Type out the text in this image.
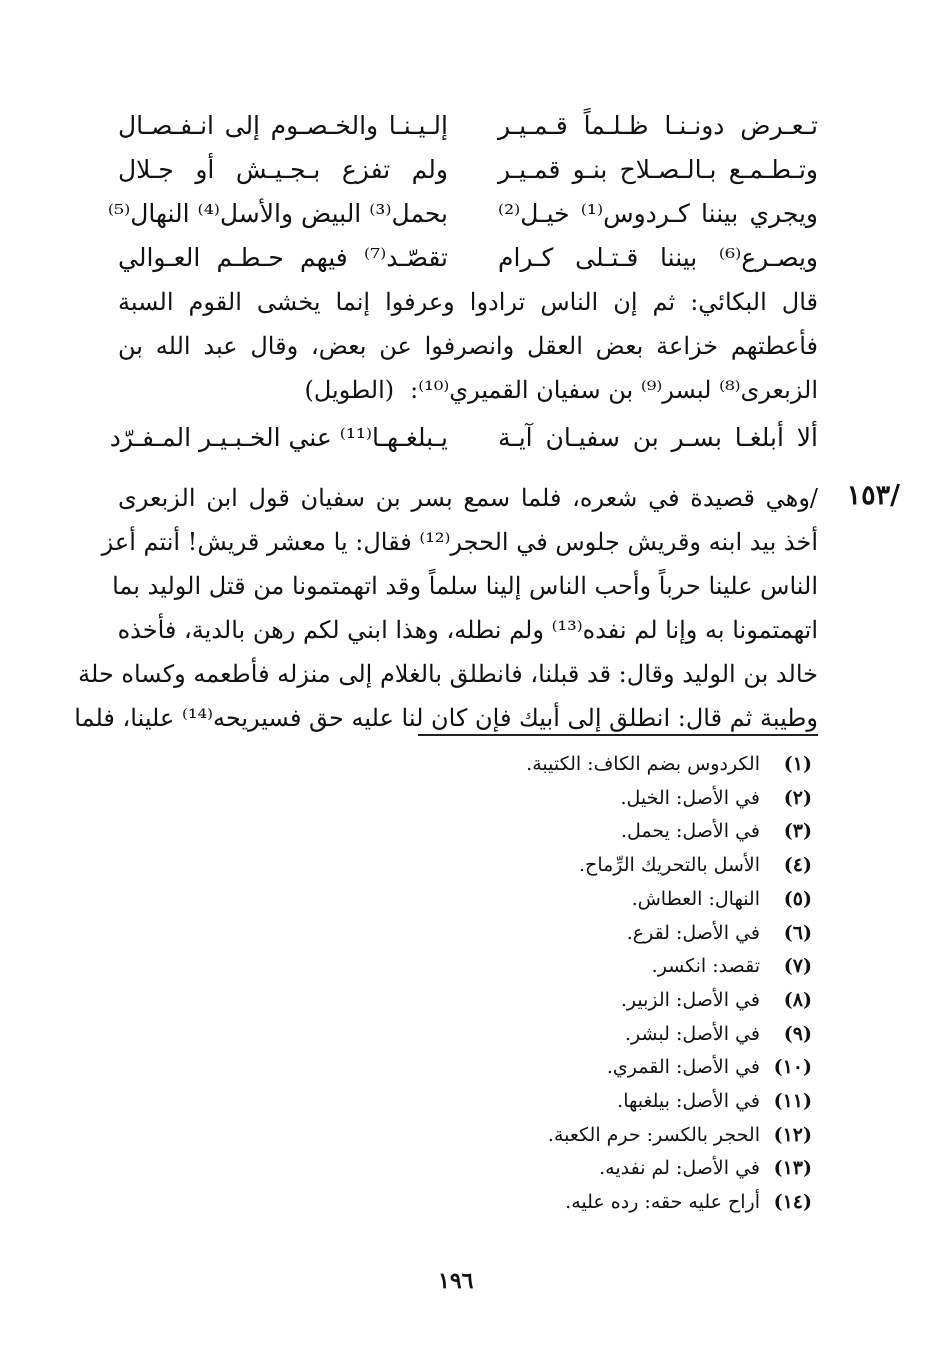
تـعـرض دونـنـا ظـلـماً قـمـيـر
إلـيـنـا والخـصـوم إلى انـفـصـال
وتـطـمـع بـالـصـلاح بنـو قمـيـر
ولم تفزع بـجـيـش أو جـلال
ويجري بيننا كـردوس⁽¹⁾ خيـل⁽²⁾
بحمل⁽³⁾ البيض والأسل⁽⁴⁾ النهال⁽⁵⁾
ويصـرع⁽⁶⁾ بيننا قـتـلى كـرام
تقصّـد⁽⁷⁾ فيهم حـطـم العـوالي

قال البكائي: ثم إن الناس ترادوا وعرفوا إنما يخشى القوم السبة

فأعطتهم خزاعة بعض العقل وانصرفوا عن بعض، وقال عبد الله بن

الزبعرى⁽⁸⁾ لبسر⁽⁹⁾ بن سفيان القميري⁽¹⁰⁾:(الطويل)

ألا أبلغـا بسـر بن سفيـان آيـة
يـبلغـهـا⁽¹¹⁾ عني الخـبـيـر المـفـرّد
/١٥٣

/وهي قصيدة في شعره، فلما سمع بسر بن سفيان قول ابن الزبعرى

أخذ بيد ابنه وقريش جلوس في الحجر⁽¹²⁾ فقال: يا معشر قريش! أنتم أعز

الناس علينا حرباً وأحب الناس إلينا سلماً وقد اتهمتمونا من قتل الوليد بما

اتهمتمونا به وإنا لم نفده⁽¹³⁾ ولم نطله، وهذا ابني لكم رهن بالدية، فأخذه

خالد بن الوليد وقال: قد قبلنا، فانطلق بالغلام إلى منزله فأطعمه وكساه حلة

وطيبة ثم قال: انطلق إلى أبيك فإن كان لنا عليه حق فسيريحه⁽¹⁴⁾ علينا، فلما

(١)
الكردوس بضم الكاف: الكتيبة.
(٢)
في الأصل: الخيل.
(٣)
في الأصل: يحمل.
(٤)
الأسل بالتحريك الرِّماح.
(٥)
النهال: العطاش.
(٦)
في الأصل: لقرع.
(٧)
تقصد: انكسر.
(٨)
في الأصل: الزبير.
(٩)
في الأصل: لبشر.
(١٠)
في الأصل: القمري.
(١١)
في الأصل: بيلغبها.
(١٢)
الحجر بالكسر: حرم الكعبة.
(١٣)
في الأصل: لم نفديه.
(١٤)
أراح عليه حقه: رده عليه.
١٩٦
